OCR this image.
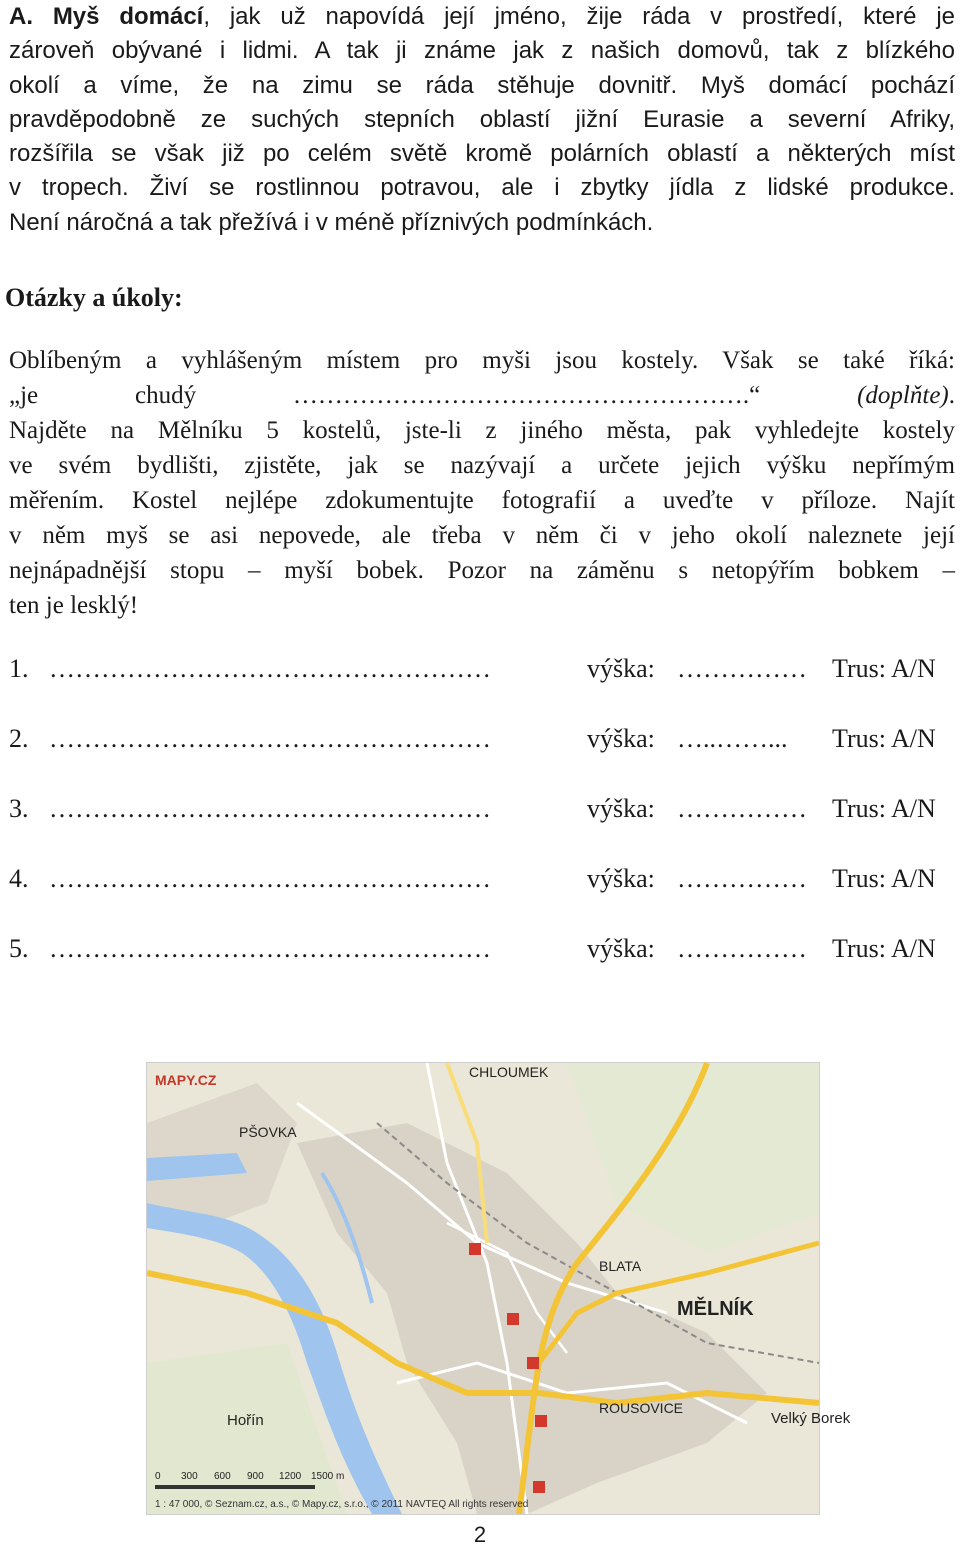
A. Myš domácí, jak už napovídá její jméno, žije ráda v prostředí, které je

zároveň obývané i lidmi. A tak ji známe jak z našich domovů, tak z blízkého

okolí a víme, že na zimu se ráda stěhuje dovnitř. Myš domácí pochází

pravděpodobně ze suchých stepních oblastí jižní Eurasie a severní Afriky,

rozšířila se však již po celém světě kromě polárních oblastí a některých míst

v tropech. Živí se rostlinnou potravou, ale i zbytky jídla z lidské produkce.

Není náročná a tak přežívá i v méně příznivých podmínkách.

Otázky a úkoly:

Oblíbeným a vyhlášeným místem pro myši jsou kostely. Však se také říká:

„je chudý ……………………………………………….“ (doplňte).

Najděte na Mělníku 5 kostelů, jste-li z jiného města, pak vyhledejte kostely

ve svém bydlišti, zjistěte, jak se nazývají a určete jejich výšku nepřímým

měřením. Kostel nejlépe zdokumentujte fotografií a uveďte v příloze. Najít

v něm myš se asi nepovede, ale třeba v něm či v jeho okolí naleznete její

nejnápadnější stopu – myší bobek. Pozor na záměnu s netopýřím bobkem –

ten je lesklý!

1. ……………………………………………	výška: …………… Trus: A/N
2. ……………………………………………	výška: …..……...	Trus: A/N
3. ……………………………………………	výška: …………… Trus: A/N
4. ……………………………………………	výška: …………… Trus: A/N
5. ……………………………………………	výška: …………… Trus: A/N
MAPY.CZ	CHLOUMEK
PŠOVKA
BLATA
MĚLNÍK
ROUSOVICE
Hořín	Velký Borek
0 300 600 900 1200 1500 m
1 : 47 000, © Seznam.cz, a.s., © Mapy.cz, s.r.o., © 2011 NAVTEQ All rights reserved
2
